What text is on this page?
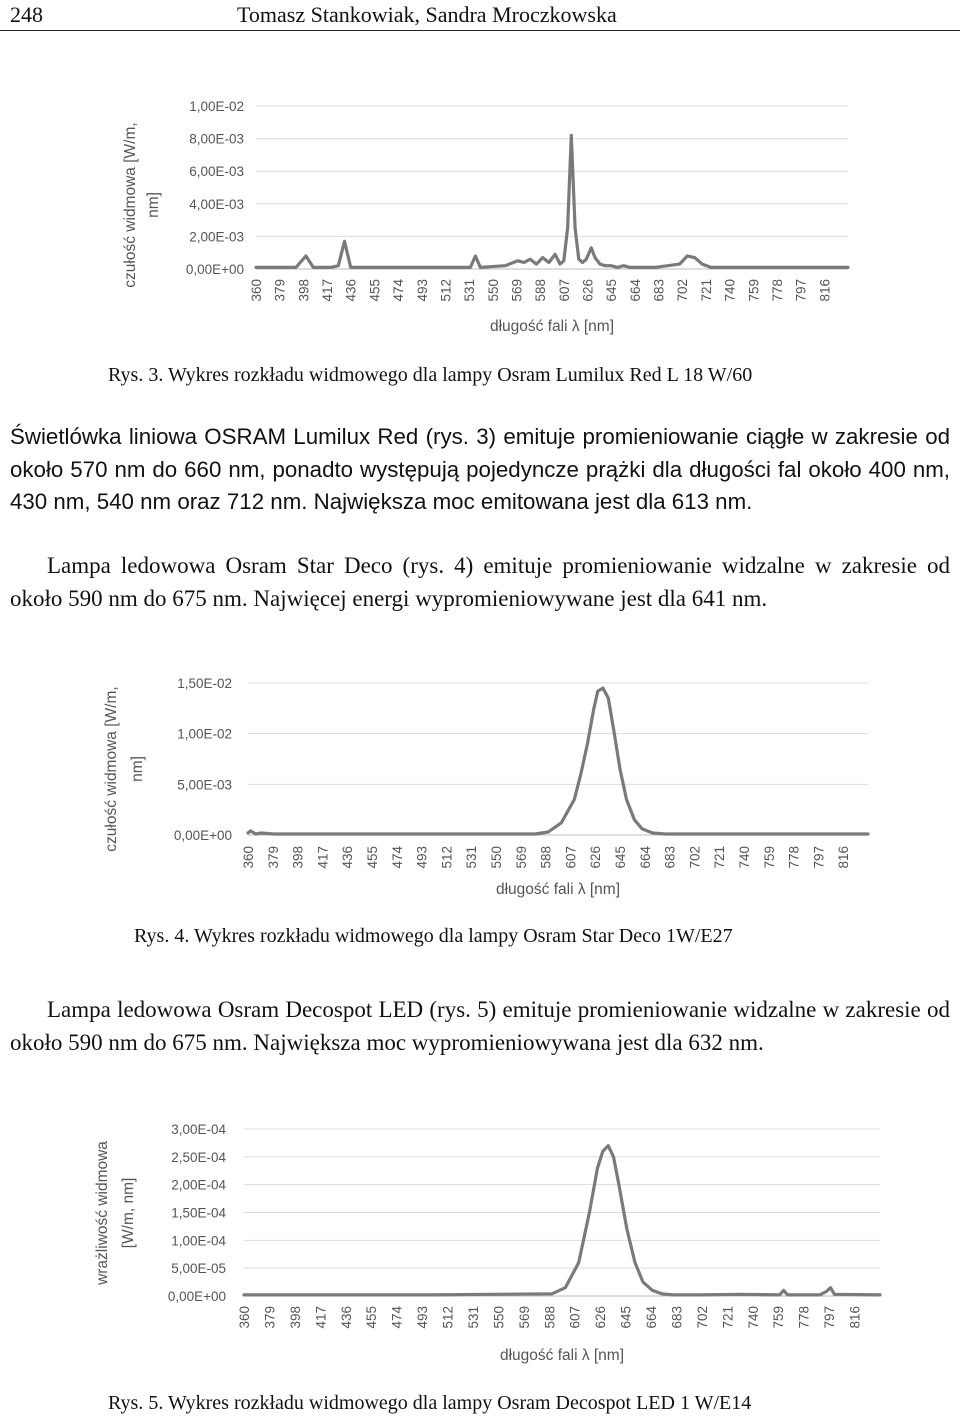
248	Tomasz Stankowiak, Sandra Mroczkowska
1,00E-02
8,00E-03
6,00E-03
4,00E-03
2,00E-03
0,00E+00
360 379 398 417 436 455 474 493 512 531 550 569 588 607 626 645 664 683 702 721 740 759 778 797 816
długość fali λ [nm]
czułość widmowa [W/m, nm]
Rys. 3. Wykres rozkładu widmowego dla lampy Osram Lumilux Red L 18 W/60

Świetlówka liniowa OSRAM Lumilux Red (rys. 3) emituje promieniowanie ciągłe w zakresie od około 570 nm do 660 nm, ponadto występują pojedyncze prążki dla długości fal około 400 nm, 430 nm, 540 nm oraz 712 nm. Największa moc emitowana jest dla 613 nm.

Lampa ledowowa Osram Star Deco (rys. 4) emituje promieniowanie widzalne w zakresie od około 590 nm do 675 nm. Najwięcej energi wypromieniowywane jest dla 641 nm.

1,50E-02
1,00E-02
5,00E-03
0,00E+00
360 379 398 417 436 455 474 493 512 531 550 569 588 607 626 645 664 683 702 721 740 759 778 797 816
długość fali λ [nm]
czułość widmowa [W/m, nm]
Rys. 4. Wykres rozkładu widmowego dla lampy Osram Star Deco 1W/E27

Lampa ledowowa Osram Decospot LED (rys. 5) emituje promieniowanie widzalne w zakresie od około 590 nm do 675 nm. Największa moc wypromieniowywana jest dla 632 nm.

3,00E-04
2,50E-04
2,00E-04
1,50E-04
1,00E-04
5,00E-05
0,00E+00
360 379 398 417 436 455 474 493 512 531 550 569 588 607 626 645 664 683 702 721 740 759 778 797 816
długość fali λ [nm]
wrażliwość widmowa [W/m, nm]
Rys. 5. Wykres rozkładu widmowego dla lampy Osram Decospot LED 1 W/E14
